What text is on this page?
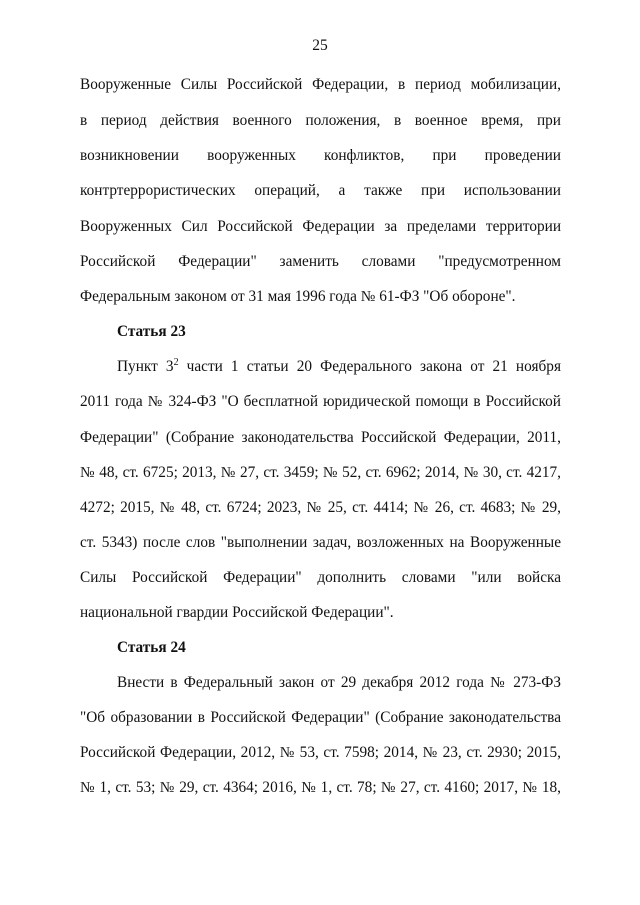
25
Вооруженные Силы Российской Федерации, в период мобилизации,
в период действия военного положения, в военное время, при
возникновении вооруженных конфликтов, при проведении
контртеррористических операций, а также при использовании
Вооруженных Сил Российской Федерации за пределами территории
Российской Федерации" заменить словами "предусмотренном
Федеральным законом от 31 мая 1996 года № 61-ФЗ "Об обороне".
Статья 23
Пункт $3^2$ части 1 статьи 20 Федерального закона от 21 ноября
2011 года № 324-ФЗ "О бесплатной юридической помощи в Российской
Федерации" (Собрание законодательства Российской Федерации, 2011,
№ 48, ст. 6725; 2013, № 27, ст. 3459; № 52, ст. 6962; 2014, № 30, ст. 4217,
4272; 2015, № 48, ст. 6724; 2023, № 25, ст. 4414; № 26, ст. 4683; № 29,
ст. 5343) после слов "выполнении задач, возложенных на Вооруженные
Силы Российской Федерации" дополнить словами "или войска
национальной гвардии Российской Федерации".
Статья 24
Внести в Федеральный закон от 29 декабря 2012 года № 273-ФЗ
"Об образовании в Российской Федерации" (Собрание законодательства
Российской Федерации, 2012, № 53, ст. 7598; 2014, № 23, ст. 2930; 2015,
№ 1, ст. 53; № 29, ст. 4364; 2016, № 1, ст. 78; № 27, ст. 4160; 2017, № 18,
